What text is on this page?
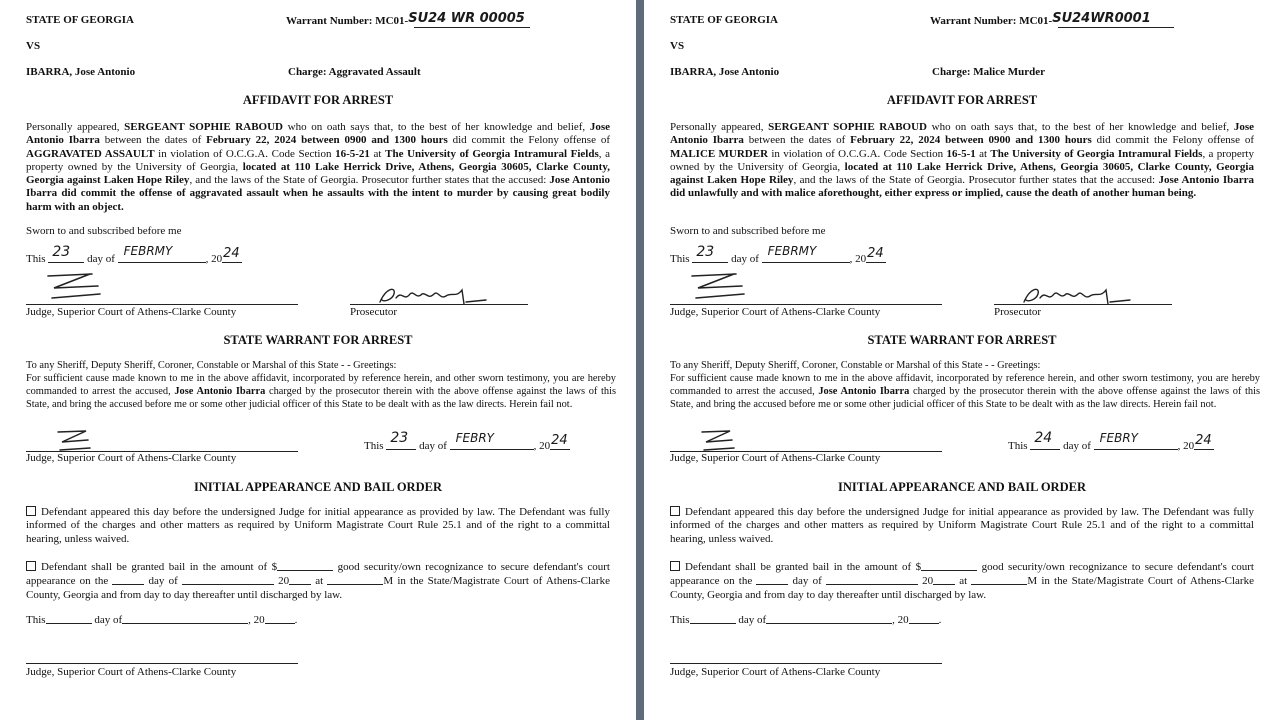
STATE OF GEORGIA	Warrant Number: MC01-SU24 WR 00005
VS
IBARRA, Jose Antonio	Charge: Aggravated Assault
AFFIDAVIT FOR ARREST
Personally appeared, SERGEANT SOPHIE RABOUD who on oath says that, to the best of her knowledge and belief, Jose Antonio Ibarra between the dates of February 22, 2024 between 0900 and 1300 hours did commit the Felony offense of AGGRAVATED ASSAULT in violation of O.C.G.A. Code Section 16-5-21 at The University of Georgia Intramural Fields, a property owned by the University of Georgia, located at 110 Lake Herrick Drive, Athens, Georgia 30605, Clarke County, Georgia against Laken Hope Riley, and the laws of the State of Georgia. Prosecutor further states that the accused: Jose Antonio Ibarra did commit the offense of aggravated assault when he assaults with the intent to murder by causing great bodily harm with an object.
Sworn to and subscribed before me
This 23 day of
FEBRMY
, 20 24
Judge, Superior Court of Athens-Clarke County	Prosecutor
STATE WARRANT FOR ARREST
To any Sheriff, Deputy Sheriff, Coroner, Constable or Marshal of this State - - Greetings:
For sufficient cause made known to me in the above affidavit, incorporated by reference herein, and other sworn testimony, you are hereby commanded to arrest the accused, Jose Antonio Ibarra charged by the prosecutor therein with the above offense against the laws of this State, and bring the accused before me or some other judicial officer of this State to be dealt with as the law directs. Herein fail not.
Judge, Superior Court of Athens-Clarke County
This 23 day of
FEBRY
, 20 24
INITIAL APPEARANCE AND BAIL ORDER
Defendant appeared this day before the undersigned Judge for initial appearance as provided by law. The Defendant was fully informed of the charges and other matters as required by Uniform Magistrate Court Rule 25.1 and of the right to a committal hearing, unless waived.
Defendant shall be granted bail in the amount of $	good security/own recognizance to secure defendant's court appearance on the	day of	20 at	M in the State/Magistrate Court of Athens-Clarke County, Georgia and from day to day thereafter until discharged by law.
This	day of	, 20	.
Judge, Superior Court of Athens-Clarke County
STATE OF GEORGIA	Warrant Number: MC01-SU24WR0001
VS
IBARRA, Jose Antonio	Charge: Malice Murder
AFFIDAVIT FOR ARREST
Personally appeared, SERGEANT SOPHIE RABOUD who on oath says that, to the best of her knowledge and belief, Jose Antonio Ibarra between the dates of February 22, 2024 between 0900 and 1300 hours did commit the Felony offense of MALICE MURDER in violation of O.C.G.A. Code Section 16-5-1 at The University of Georgia Intramural Fields, a property owned by the University of Georgia, located at 110 Lake Herrick Drive, Athens, Georgia 30605, Clarke County, Georgia against Laken Hope Riley, and the laws of the State of Georgia. Prosecutor further states that the accused: Jose Antonio Ibarra did unlawfully and with malice aforethought, either express or implied, cause the death of another human being.
Sworn to and subscribed before me
This 23 day of
FEBRMY
, 20 24
Judge, Superior Court of Athens-Clarke County	Prosecutor
STATE WARRANT FOR ARREST
To any Sheriff, Deputy Sheriff, Coroner, Constable or Marshal of this State - - Greetings:
For sufficient cause made known to me in the above affidavit, incorporated by reference herein, and other sworn testimony, you are hereby commanded to arrest the accused, Jose Antonio Ibarra charged by the prosecutor therein with the above offense against the laws of this State, and bring the accused before me or some other judicial officer of this State to be dealt with as the law directs. Herein fail not.
Judge, Superior Court of Athens-Clarke County
This 24 day of
FEBRY
, 20 24
INITIAL APPEARANCE AND BAIL ORDER
Defendant appeared this day before the undersigned Judge for initial appearance as provided by law. The Defendant was fully informed of the charges and other matters as required by Uniform Magistrate Court Rule 25.1 and of the right to a committal hearing, unless waived.
Defendant shall be granted bail in the amount of $	good security/own recognizance to secure defendant's court appearance on the	day of	20 at	M in the State/Magistrate Court of Athens-Clarke County, Georgia and from day to day thereafter until discharged by law.
This	day of	, 20	.
Judge, Superior Court of Athens-Clarke County
